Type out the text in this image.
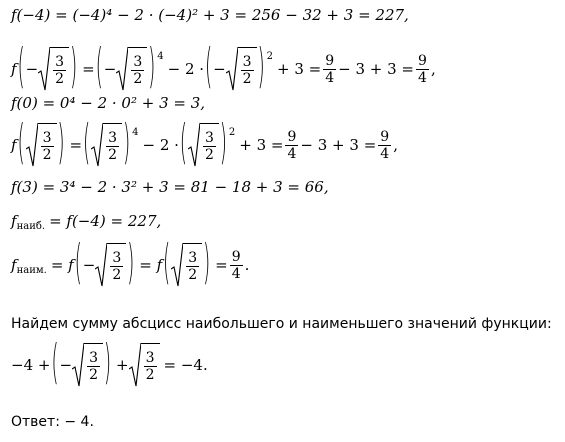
f(−4) = (−4)⁴ − 2 · (−4)² + 3 = 256 − 32 + 3 = 227,
f ( − $\frac{3}{2}$ ) = ( − $\frac{3}{2} )^4$
− 2 · ( − $\frac{3}{2} )^2$
+ $3 = \frac{9}{4} - 3 + 3 = \frac{9}{4}$ ,
f(0) = 0⁴ − 2 · 0² + 3 = 3,
f ( $\frac{3}{2}$ ) = ( $\frac{3}{2} )^4$
− 2 · ( $\frac{3}{2} )^2$
+ $3 = \frac{9}{4} - 3 + 3 = \frac{9}{4}$ ,
f(3) = 3⁴ − 2 · 3² + 3 = 81 − 18 + 3 = 66,
f наиб. = f(−4) = 227,
f наим. = f ( − $\frac{3}{2}$ ) = f ( $\frac{3}{2}$ ) = $\frac{9}{4}$ .
Найдем сумму абсцисс наибольшего и наименьшего значений функции:
−4 + ( − $\frac{3}{2}$ ) + $\frac{3}{2} = -4$.
Ответ: − 4.
